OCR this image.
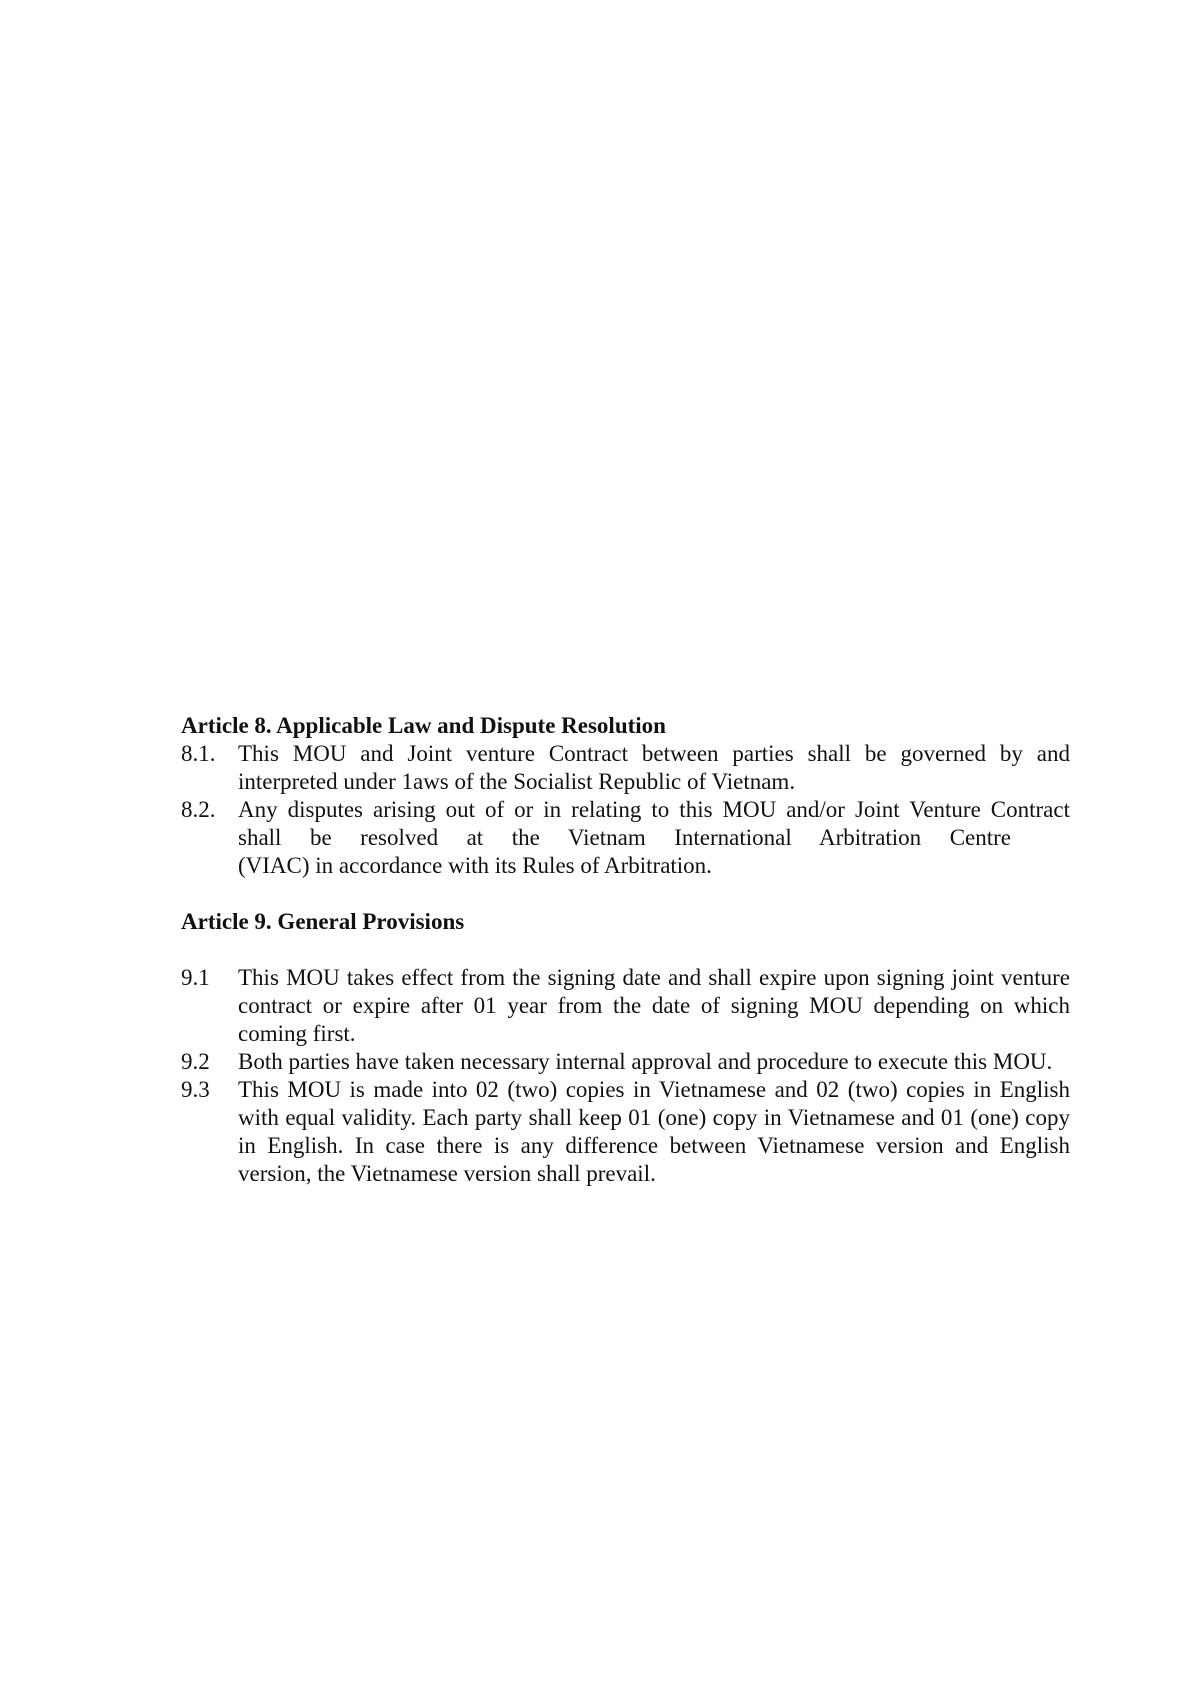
Article 8. Applicable Law and Dispute Resolution

8.1. This MOU and Joint venture Contract between parties shall be governed by and interpreted under 1aws of the Socialist Republic of Vietnam.
8.2. Any disputes arising out of or in relating to this MOU and/or Joint Venture Contract
shall be resolved at the Vietnam International Arbitration Centre
(VIAC) in accordance with its Rules of Arbitration.

Article 9. General Provisions

9.1	This MOU takes effect from the signing date and shall expire upon signing joint venture contract or expire after 01 year from the date of signing MOU depending on which coming first.
9.2	Both parties have taken necessary internal approval and procedure to execute this MOU.
9.3	This MOU is made into 02 (two) copies in Vietnamese and 02 (two) copies in English with equal validity. Each party shall keep 01 (one) copy in Vietnamese and 01 (one) copy in English. In case there is any difference between Vietnamese version and English version, the Vietnamese version shall prevail.
